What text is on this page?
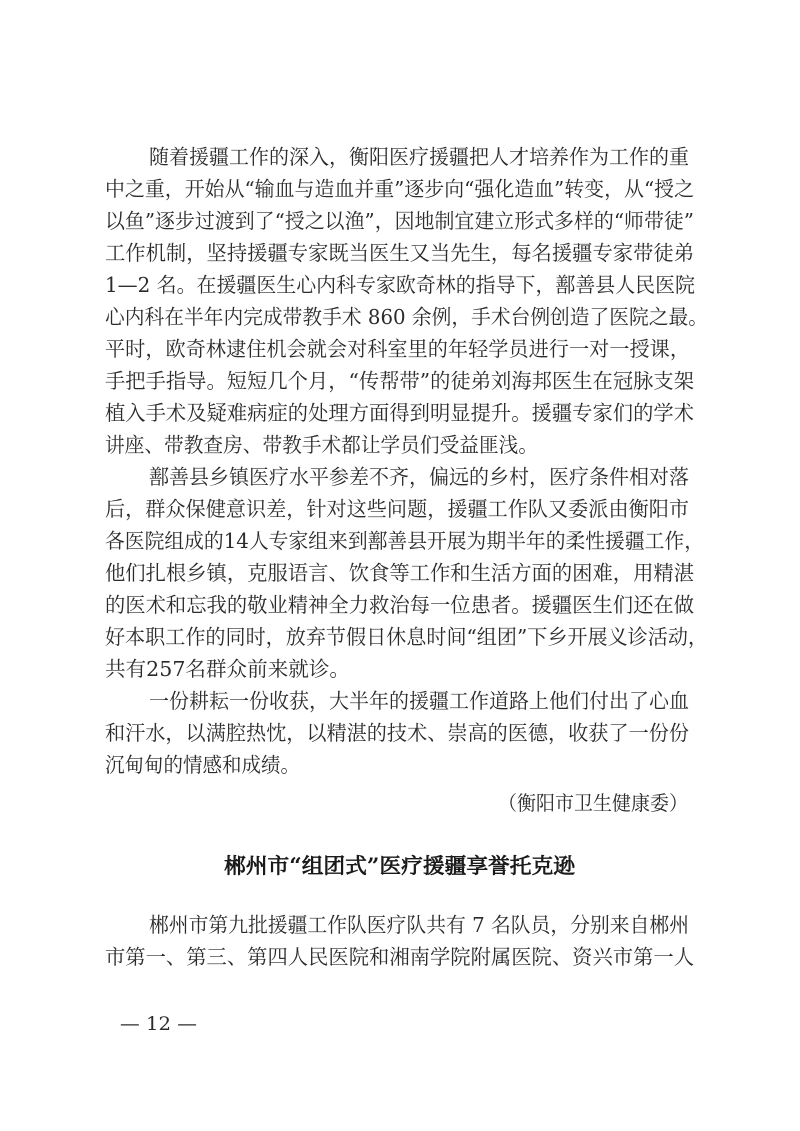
随着援疆工作的深入，衡阳医疗援疆把人才培养作为工作的重

中之重，开始从“输血与造血并重”逐步向“强化造血”转变，从“授之

以鱼”逐步过渡到了“授之以渔”，因地制宜建立形式多样的“师带徒”

工作机制，坚持援疆专家既当医生又当先生，每名援疆专家带徒弟

1—2 名。在援疆医生心内科专家欧奇林的指导下，鄯善县人民医院

心内科在半年内完成带教手术 860 余例，手术台例创造了医院之最。

平时，欧奇林逮住机会就会对科室里的年轻学员进行一对一授课，

手把手指导。短短几个月，“传帮带”的徒弟刘海邦医生在冠脉支架

植入手术及疑难病症的处理方面得到明显提升。援疆专家们的学术

讲座、带教查房、带教手术都让学员们受益匪浅。

鄯善县乡镇医疗水平参差不齐，偏远的乡村，医疗条件相对落

后，群众保健意识差，针对这些问题，援疆工作队又委派由衡阳市

各医院组成的14人专家组来到鄯善县开展为期半年的柔性援疆工作，

他们扎根乡镇，克服语言、饮食等工作和生活方面的困难，用精湛

的医术和忘我的敬业精神全力救治每一位患者。援疆医生们还在做

好本职工作的同时，放弃节假日休息时间“组团”下乡开展义诊活动，

共有257名群众前来就诊。

一份耕耘一份收获，大半年的援疆工作道路上他们付出了心血

和汗水，以满腔热忱，以精湛的技术、崇高的医德，收获了一份份

沉甸甸的情感和成绩。

（衡阳市卫生健康委）

郴州市“组团式”医疗援疆享誉托克逊

郴州市第九批援疆工作队医疗队共有 7 名队员，分别来自郴州

市第一、第三、第四人民医院和湘南学院附属医院、资兴市第一人

— 12 —
